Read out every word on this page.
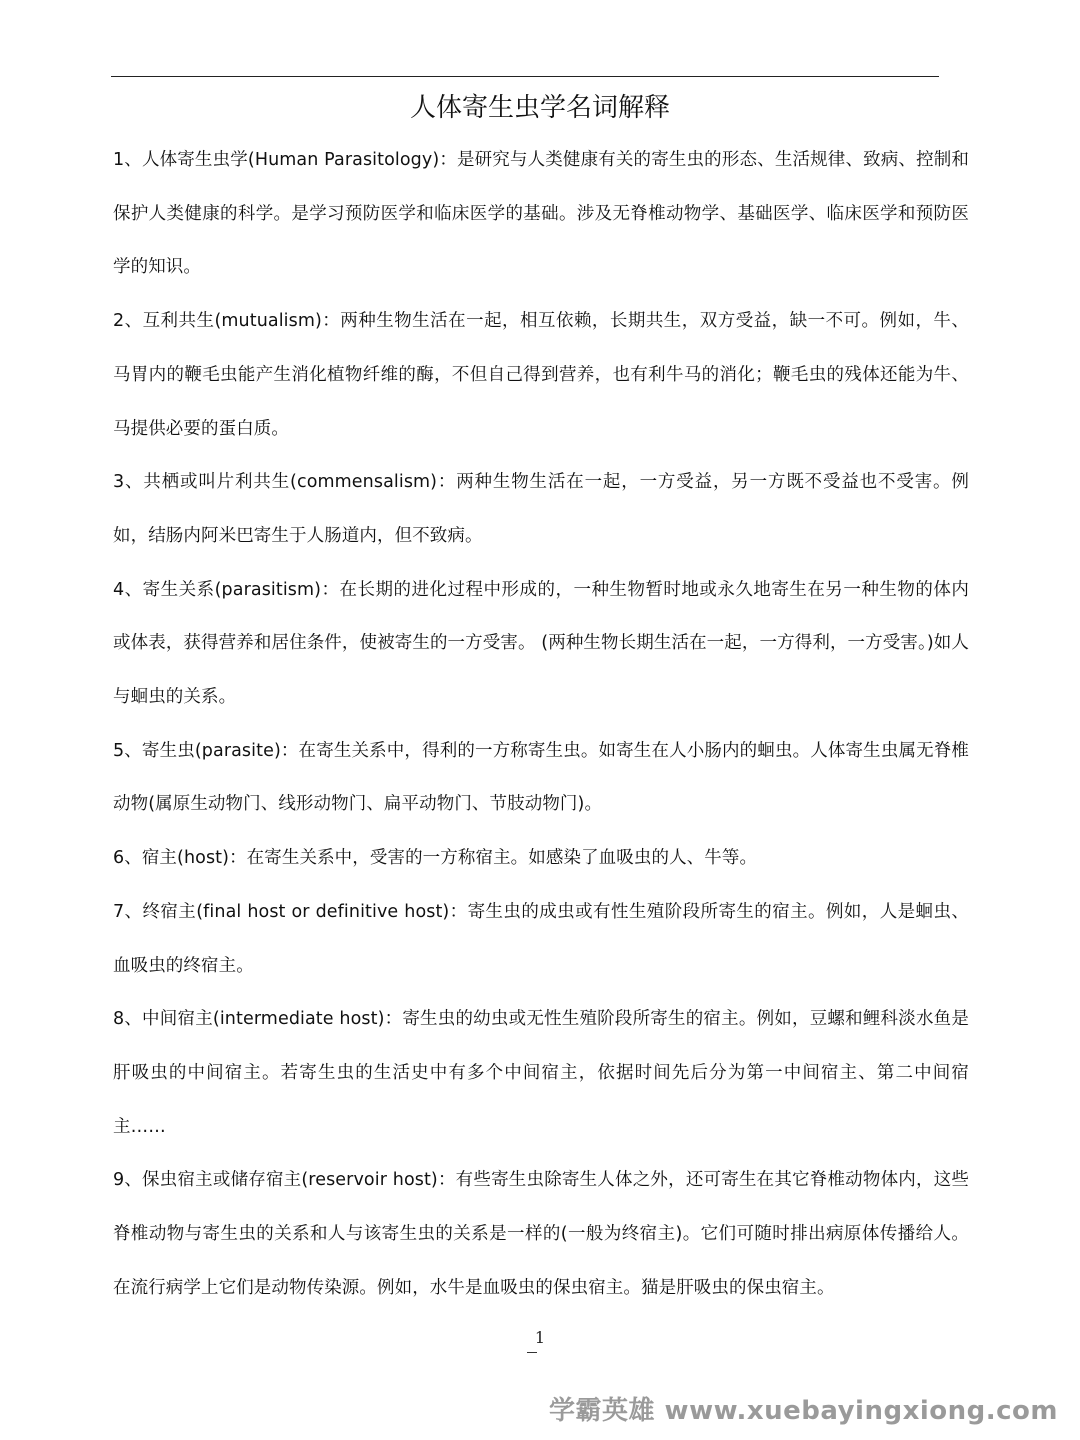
人体寄生虫学名词解释

1、人体寄生虫学(Human Parasitology)：是研究与人类健康有关的寄生虫的形态、生活规律、致病、控制和保护人类健康的科学。是学习预防医学和临床医学的基础。涉及无脊椎动物学、基础医学、临床医学和预防医学的知识。

2、互利共生(mutualism)：两种生物生活在一起，相互依赖，长期共生，双方受益，缺一不可。例如，牛、马胃内的鞭毛虫能产生消化植物纤维的酶，不但自己得到营养，也有利牛马的消化；鞭毛虫的残体还能为牛、马提供必要的蛋白质。

3、共栖或叫片利共生(commensalism)：两种生物生活在一起，一方受益，另一方既不受益也不受害。例如，结肠内阿米巴寄生于人肠道内，但不致病。

4、寄生关系(parasitism)：在长期的进化过程中形成的，一种生物暂时地或永久地寄生在另一种生物的体内或体表，获得营养和居住条件，使被寄生的一方受害。 (两种生物长期生活在一起，一方得利，一方受害。)如人与蛔虫的关系。

5、寄生虫(parasite)：在寄生关系中，得利的一方称寄生虫。如寄生在人小肠内的蛔虫。人体寄生虫属无脊椎动物(属原生动物门、线形动物门、扁平动物门、节肢动物门)。

6、宿主(host)：在寄生关系中，受害的一方称宿主。如感染了血吸虫的人、牛等。

7、终宿主(final host or definitive host)：寄生虫的成虫或有性生殖阶段所寄生的宿主。例如，人是蛔虫、血吸虫的终宿主。

8、中间宿主(intermediate host)：寄生虫的幼虫或无性生殖阶段所寄生的宿主。例如，豆螺和鲤科淡水鱼是肝吸虫的中间宿主。若寄生虫的生活史中有多个中间宿主，依据时间先后分为第一中间宿主、第二中间宿主……

9、保虫宿主或储存宿主(reservoir host)：有些寄生虫除寄生人体之外，还可寄生在其它脊椎动物体内，这些脊椎动物与寄生虫的关系和人与该寄生虫的关系是一样的(一般为终宿主)。它们可随时排出病原体传播给人。在流行病学上它们是动物传染源。例如，水牛是血吸虫的保虫宿主。猫是肝吸虫的保虫宿主。

1
学霸英雄 www.xuebayingxiong.com
